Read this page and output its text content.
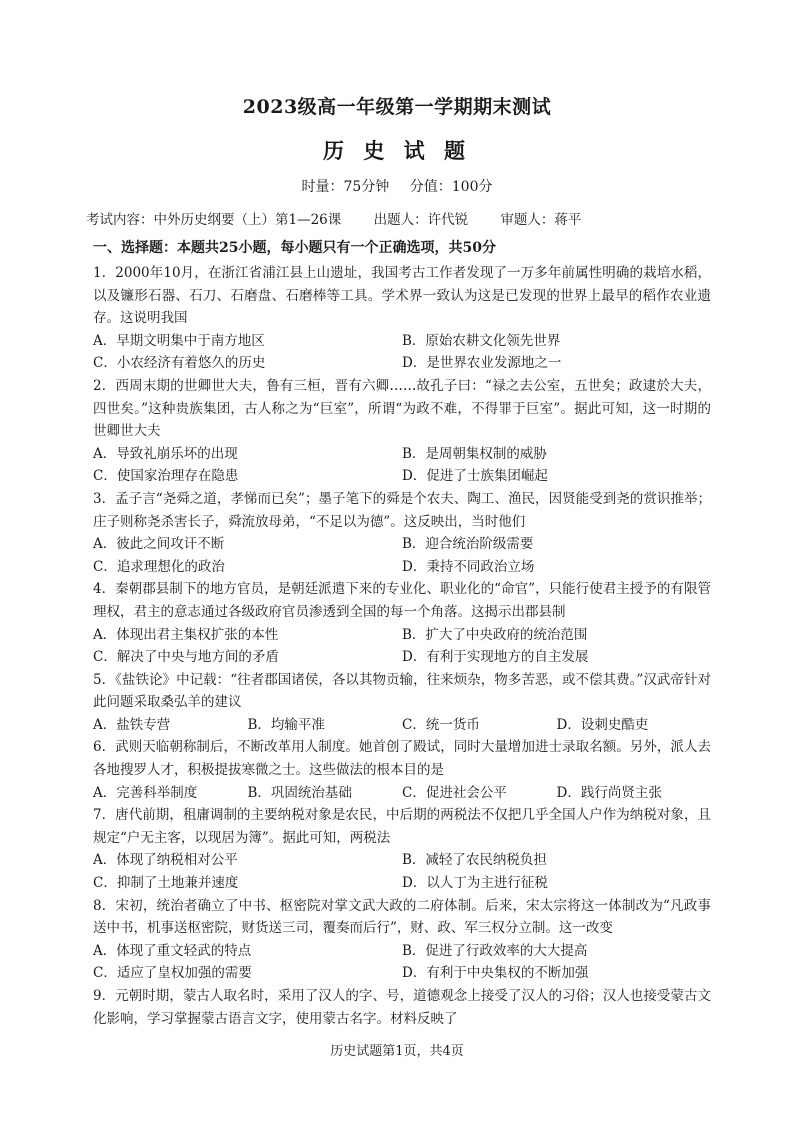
2023级高一年级第一学期期末测试
历 史 试 题
时量：75分钟 分值：100分
考试内容：中外历史纲要（上）第1—26课 出题人：许代锐 审题人：蒋平
一、选择题：本题共25小题，每小题只有一个正确选项，共50分
1．2000年10月，在浙江省浦江县上山遗址，我国考古工作者发现了一万多年前属性明确的栽培水稻，以及镰形石器、石刀、石磨盘、石磨棒等工具。学术界一致认为这是已发现的世界上最早的稻作农业遗存。这说明我国
A．早期文明集中于南方地区	B．原始农耕文化领先世界
C．小农经济有着悠久的历史	D．是世界农业发源地之一
2．西周末期的世卿世大夫，鲁有三桓，晋有六卿……故孔子曰：“禄之去公室，五世矣；政逮於大夫，四世矣。”这种贵族集团，古人称之为“巨室”，所谓“为政不难，不得罪于巨室”。据此可知，这一时期的世卿世大夫
A．导致礼崩乐坏的出现	B．是周朝集权制的威胁
C．使国家治理存在隐患	D．促进了士族集团崛起
3．孟子言“尧舜之道，孝悌而已矣”；墨子笔下的舜是个农夫、陶工、渔民，因贤能受到尧的赏识推举；庄子则称尧杀害长子，舜流放母弟，“不足以为德”。这反映出，当时他们
A．彼此之间攻讦不断	B．迎合统治阶级需要
C．追求理想化的政治	D．秉持不同政治立场
4．秦朝郡县制下的地方官员，是朝廷派遣下来的专业化、职业化的“命官”，只能行使君主授予的有限管理权，君主的意志通过各级政府官员渗透到全国的每一个角落。这揭示出郡县制
A．体现出君主集权扩张的本性	B．扩大了中央政府的统治范围
C．解决了中央与地方间的矛盾	D．有利于实现地方的自主发展
5．《盐铁论》中记载：“往者郡国诸侯，各以其物贡输，往来烦杂，物多苦恶，或不偿其费。”汉武帝针对此问题采取桑弘羊的建议
A．盐铁专营	B．均输平准	C．统一货币	D．设刺史酷吏
6．武则天临朝称制后，不断改革用人制度。她首创了殿试，同时大量增加进士录取名额。另外，派人去各地搜罗人才，积极提拔寒微之士。这些做法的根本目的是
A．完善科举制度	B．巩固统治基础	C．促进社会公平	D．践行尚贤主张
7．唐代前期，租庸调制的主要纳税对象是农民，中后期的两税法不仅把几乎全国人户作为纳税对象，且规定“户无主客，以现居为簿”。据此可知，两税法
A．体现了纳税相对公平	B．减轻了农民纳税负担
C．抑制了土地兼并速度	D．以人丁为主进行征税
8．宋初，统治者确立了中书、枢密院对掌文武大政的二府体制。后来，宋太宗将这一体制改为“凡政事送中书，机事送枢密院，财货送三司，覆奏而后行”，财、政、军三权分立制。这一改变
A．体现了重文轻武的特点	B．促进了行政效率的大大提高
C．适应了皇权加强的需要	D．有利于中央集权的不断加强
9．元朝时期，蒙古人取名时，采用了汉人的字、号，道德观念上接受了汉人的习俗；汉人也接受蒙古文化影响，学习掌握蒙古语言文字，使用蒙古名字。材料反映了
历史试题第1页，共4页
